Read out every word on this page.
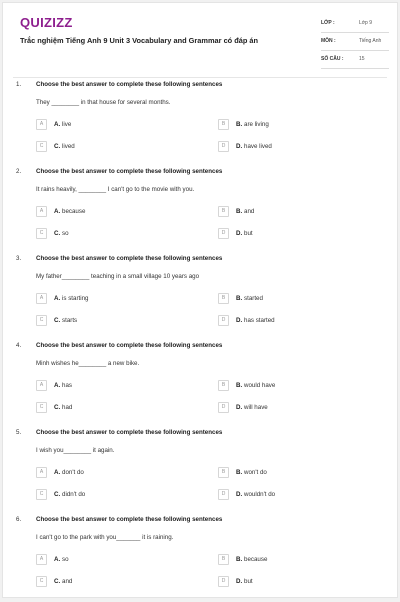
QUIZIZZ
Trắc nghiệm Tiếng Anh 9 Unit 3 Vocabulary and Grammar có đáp án
LỚP :	Lớp 9
MÔN :	Tiếng Anh
SỐ CÂU :	15
1. Choose the best answer to complete these following sentences
They ________ in that house for several months.
A	A. live	B	B. are living
C	C. lived	D	D. have lived
2. Choose the best answer to complete these following sentences
It rains heavily, ________ I can't go to the movie with you.
A	A. because	B	B. and
C	C. so	D	D. but
3. Choose the best answer to complete these following sentences
My father________ teaching in a small village 10 years ago
A	A. is starting	B	B. started
C	C. starts	D	D. has started
4. Choose the best answer to complete these following sentences
Minh wishes he________ a new bike.
A	A. has	B	B. would have
C	C. had	D	D. will have
5. Choose the best answer to complete these following sentences
I wish you________ it again.
A	A. don't do	B	B. won't do
C	C. didn't do	D	D. wouldn't do
6. Choose the best answer to complete these following sentences
I can't go to the park with you_______ it is raining.
A	A. so	B	B. because
C	C. and	D	D. but
